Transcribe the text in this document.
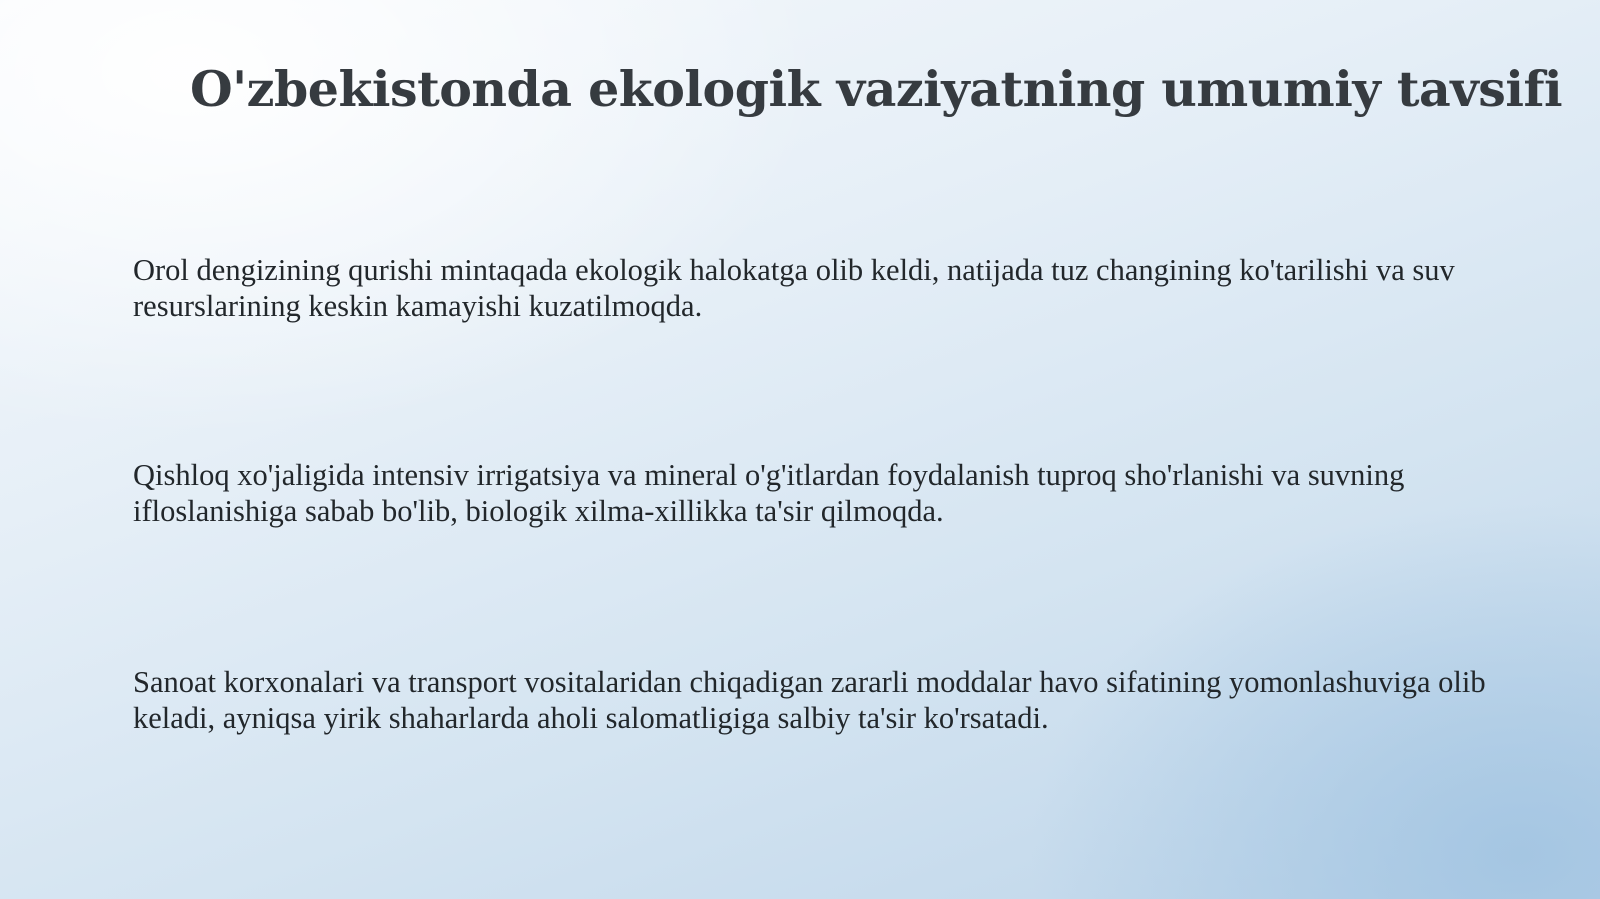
O'zbekistonda ekologik vaziyatning umumiy tavsifi

Orol dengizining qurishi mintaqada ekologik halokatga olib keldi, natijada tuz changining ko'tarilishi va suv resurslarining keskin kamayishi kuzatilmoqda.

Qishloq xo'jaligida intensiv irrigatsiya va mineral o'g'itlardan foydalanish tuproq sho'rlanishi va suvning ifloslanishiga sabab bo'lib, biologik xilma-xillikka ta'sir qilmoqda.

Sanoat korxonalari va transport vositalaridan chiqadigan zararli moddalar havo sifatining yomonlashuviga olib keladi, ayniqsa yirik shaharlarda aholi salomatligiga salbiy ta'sir ko'rsatadi.
